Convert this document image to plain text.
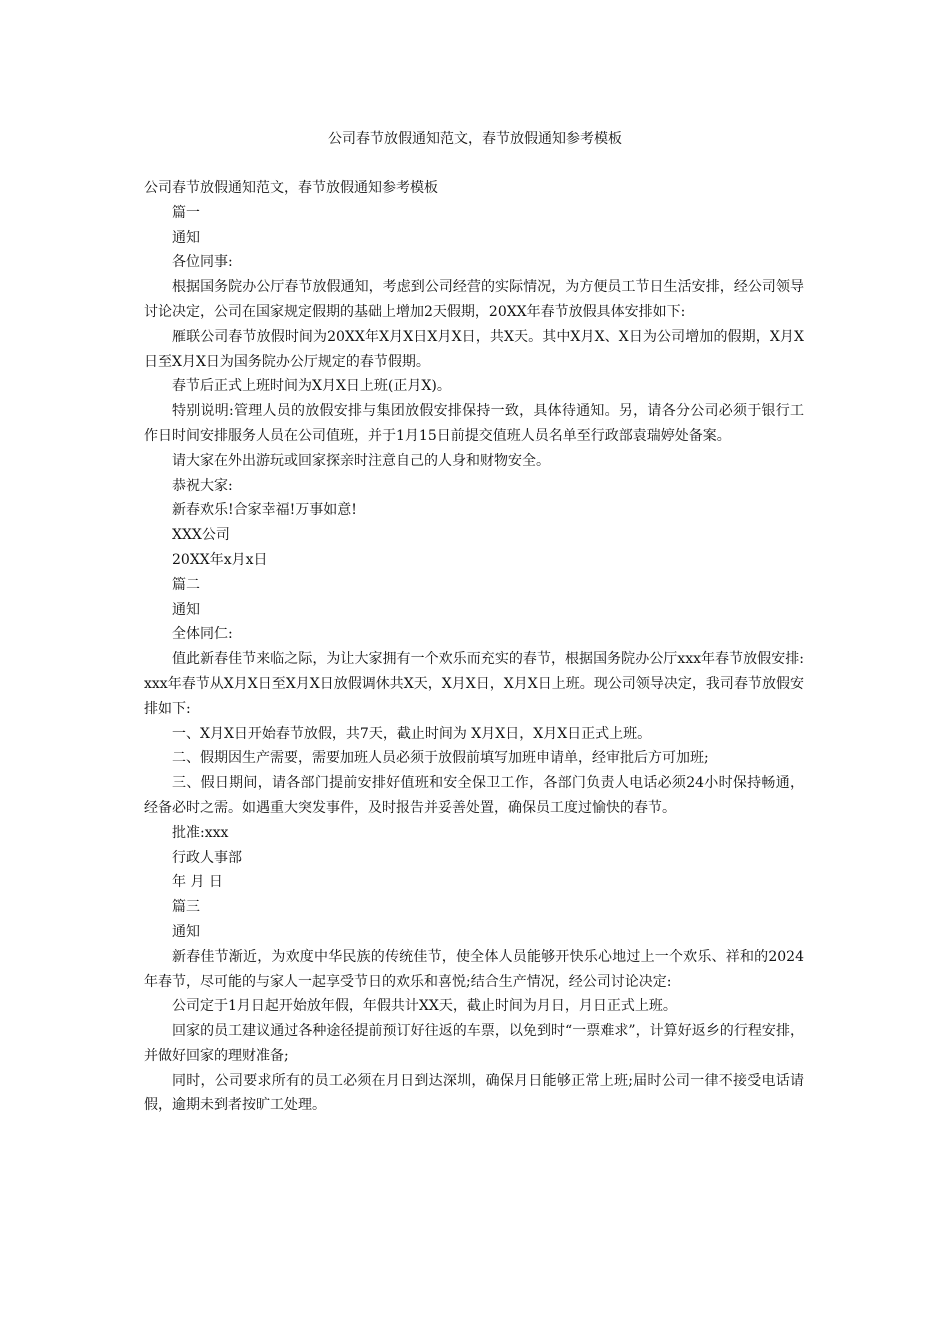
公司春节放假通知范文，春节放假通知参考模板

公司春节放假通知范文，春节放假通知参考模板

篇一

通知

各位同事:

根据国务院办公厅春节放假通知，考虑到公司经营的实际情况，为方便员工节日生活安排，经公司领导讨论决定，公司在国家规定假期的基础上增加2天假期，20XX年春节放假具体安排如下:

雁联公司春节放假时间为20XX年X月X日X月X日，共X天。其中X月X、X日为公司增加的假期，X月X日至X月X日为国务院办公厅规定的春节假期。

春节后正式上班时间为X月X日上班(正月X)。

特别说明:管理人员的放假安排与集团放假安排保持一致，具体待通知。另，请各分公司必须于银行工作日时间安排服务人员在公司值班，并于1月15日前提交值班人员名单至行政部袁瑞婷处备案。

请大家在外出游玩或回家探亲时注意自己的人身和财物安全。

恭祝大家:

新春欢乐!合家幸福!万事如意!

XXX公司

20XX年x月x日

篇二

通知

全体同仁:

值此新春佳节来临之际，为让大家拥有一个欢乐而充实的春节，根据国务院办公厅xxx年春节放假安排:xxx年春节从X月X日至X月X日放假调休共X天，X月X日，X月X日上班。现公司领导决定，我司春节放假安排如下:

一、X月X日开始春节放假，共7天，截止时间为 X月X日，X月X日正式上班。

二、假期因生产需要，需要加班人员必须于放假前填写加班申请单，经审批后方可加班;

三、假日期间，请各部门提前安排好值班和安全保卫工作，各部门负责人电话必须24小时保持畅通，经备必时之需。如遇重大突发事件，及时报告并妥善处置，确保员工度过愉快的春节。

批准:xxx

行政人事部

年 月 日

篇三

通知

新春佳节渐近，为欢度中华民族的传统佳节，使全体人员能够开快乐心地过上一个欢乐、祥和的2024年春节，尽可能的与家人一起享受节日的欢乐和喜悦;结合生产情况，经公司讨论决定:

公司定于1月日起开始放年假，年假共计XX天，截止时间为月日，月日正式上班。

回家的员工建议通过各种途径提前预订好往返的车票，以免到时“一票难求”，计算好返乡的行程安排，并做好回家的理财准备;

同时，公司要求所有的员工必须在月日到达深圳，确保月日能够正常上班;届时公司一律不接受电话请假，逾期未到者按旷工处理。
